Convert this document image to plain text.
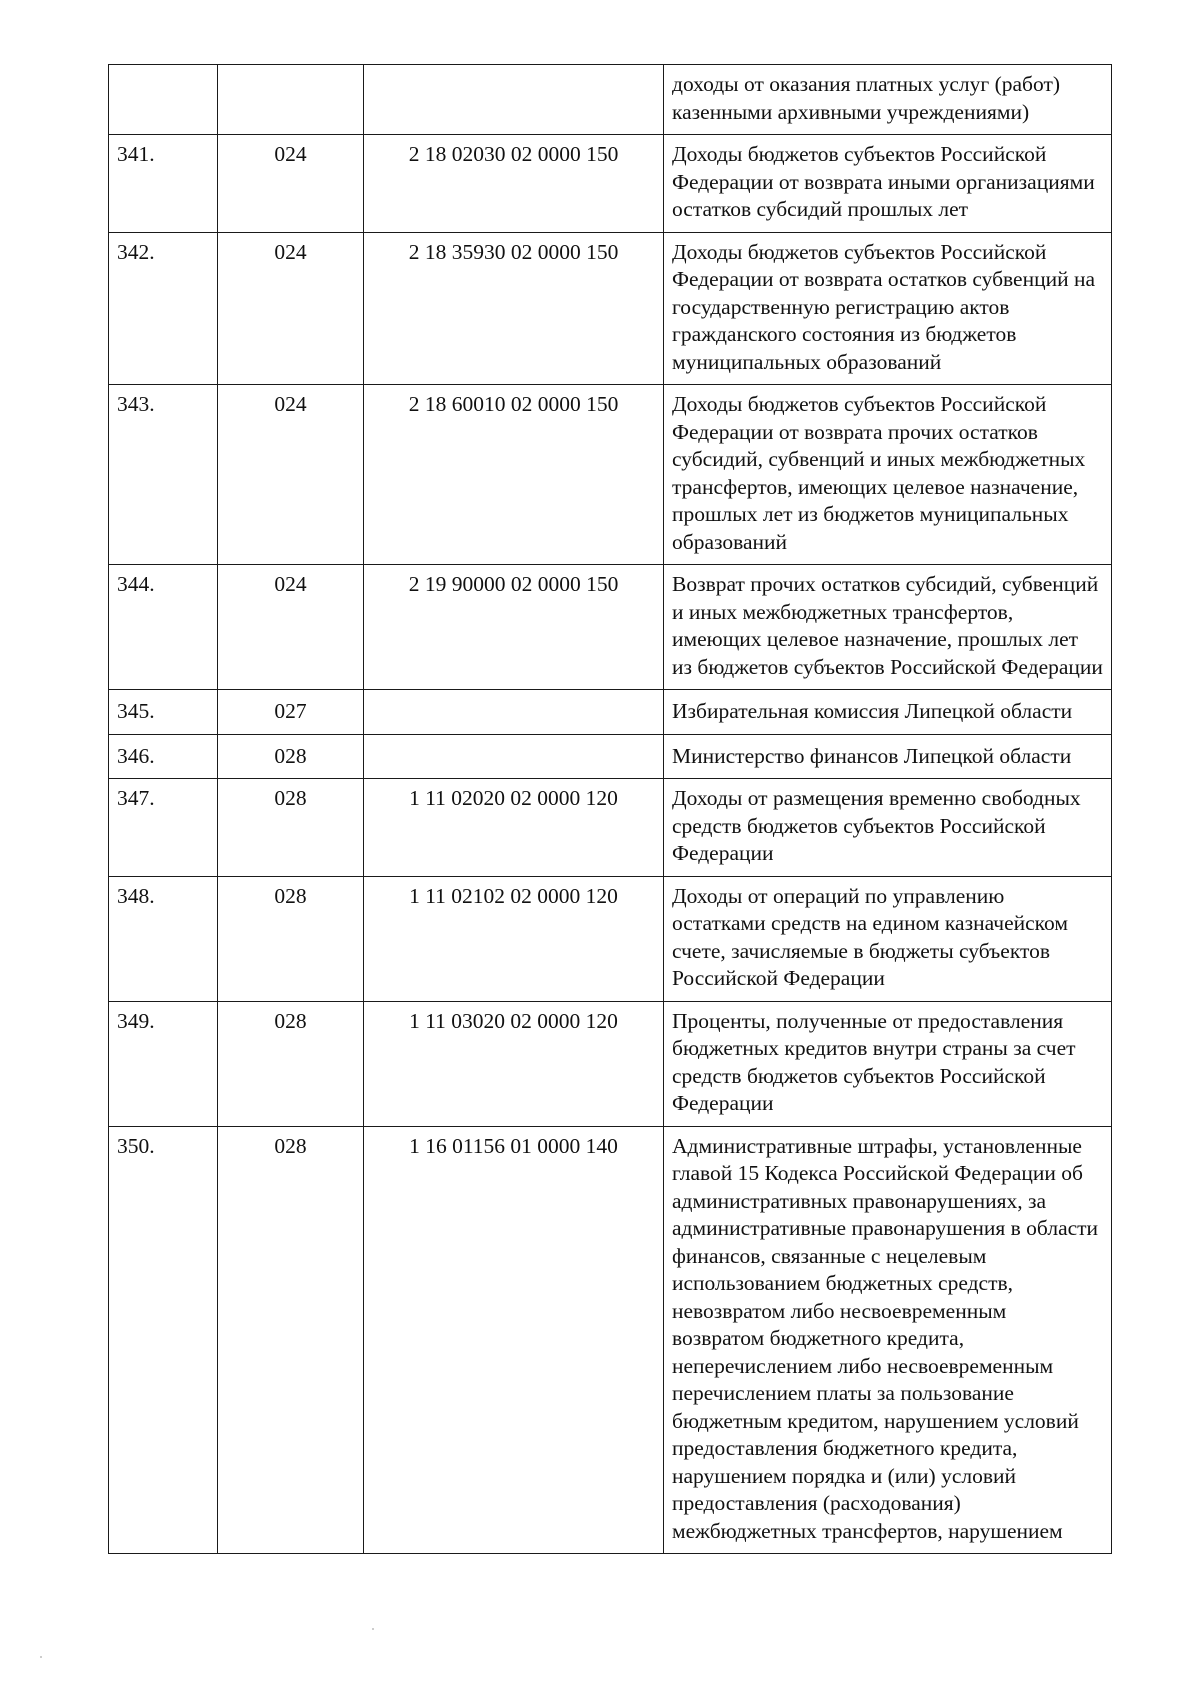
			доходы от оказания платных услуг (работ) казенными архивными учреждениями)
341.	024	2 18 02030 02 0000 150	Доходы бюджетов субъектов Российской Федерации от возврата иными организациями остатков субсидий прошлых лет
342.	024	2 18 35930 02 0000 150	Доходы бюджетов субъектов Российской Федерации от возврата остатков субвенций на государственную регистрацию актов гражданского состояния из бюджетов муниципальных образований
343.	024	2 18 60010 02 0000 150	Доходы бюджетов субъектов Российской Федерации от возврата прочих остатков субсидий, субвенций и иных межбюджетных трансфертов, имеющих целевое назначение, прошлых лет из бюджетов муниципальных образований
344.	024	2 19 90000 02 0000 150	Возврат прочих остатков субсидий, субвенций и иных межбюджетных трансфертов, имеющих целевое назначение, прошлых лет из бюджетов субъектов Российской Федерации
345.	027		Избирательная комиссия Липецкой области
346.	028		Министерство финансов Липецкой области
347.	028	1 11 02020 02 0000 120	Доходы от размещения временно свободных средств бюджетов субъектов Российской Федерации
348.	028	1 11 02102 02 0000 120	Доходы от операций по управлению остатками средств на едином казначейском счете, зачисляемые в бюджеты субъектов Российской Федерации
349.	028	1 11 03020 02 0000 120	Проценты, полученные от предоставления бюджетных кредитов внутри страны за счет средств бюджетов субъектов Российской Федерации
350.	028	1 16 01156 01 0000 140	Административные штрафы, установленные главой 15 Кодекса Российской Федерации об административных правонарушениях, за административные правонарушения в области финансов, связанные с нецелевым использованием бюджетных средств, невозвратом либо несвоевременным возвратом бюджетного кредита, неперечислением либо несвоевременным перечислением платы за пользование бюджетным кредитом, нарушением условий предоставления бюджетного кредита, нарушением порядка и (или) условий предоставления (расходования) межбюджетных трансфертов, нарушением
